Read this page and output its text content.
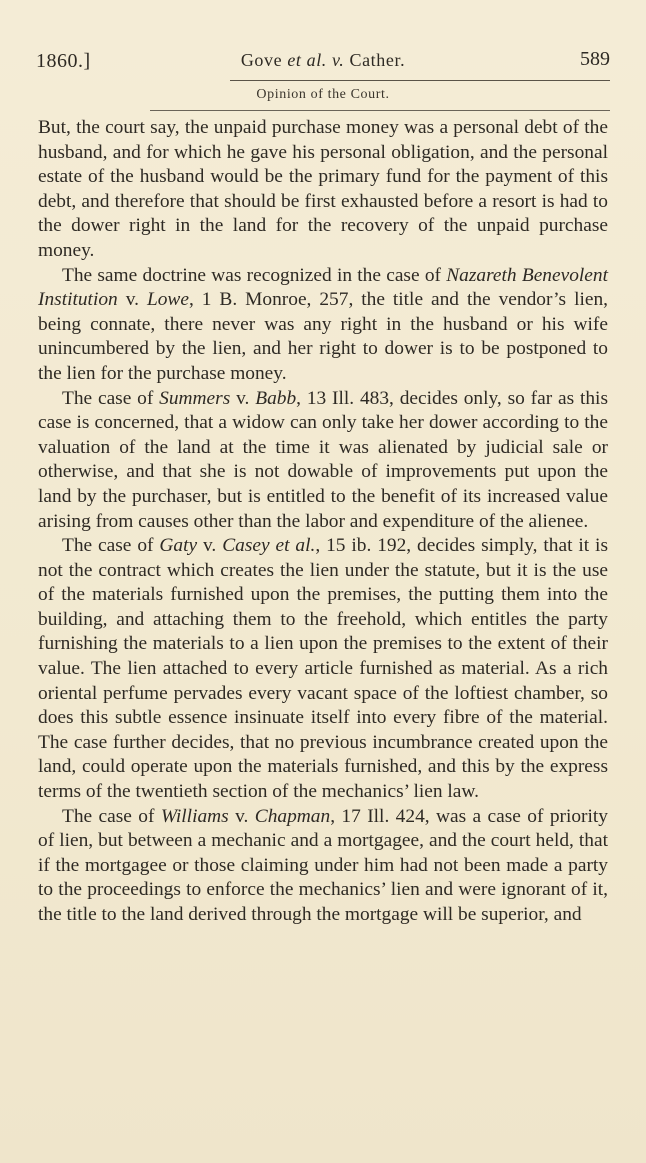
1860.]	Gove et al. v. Cather.	589
Opinion of the Court.

But, the court say, the unpaid purchase money was a personal debt of the husband, and for which he gave his personal obligation, and the personal estate of the husband would be the primary fund for the payment of this debt, and therefore that should be first exhausted before a resort is had to the dower right in the land for the recovery of the unpaid purchase money.

The same doctrine was recognized in the case of Nazareth Benevolent Institution v. Lowe, 1 B. Monroe, 257, the title and the vendor’s lien, being connate, there never was any right in the husband or his wife unincumbered by the lien, and her right to dower is to be postponed to the lien for the purchase money.

The case of Summers v. Babb, 13 Ill. 483, decides only, so far as this case is concerned, that a widow can only take her dower according to the valuation of the land at the time it was alienated by judicial sale or otherwise, and that she is not dowable of improvements put upon the land by the purchaser, but is entitled to the benefit of its increased value arising from causes other than the labor and expenditure of the alienee.

The case of Gaty v. Casey et al., 15 ib. 192, decides simply, that it is not the contract which creates the lien under the statute, but it is the use of the materials furnished upon the premises, the putting them into the building, and attaching them to the freehold, which entitles the party furnishing the materials to a lien upon the premises to the extent of their value. The lien attached to every article furnished as material. As a rich oriental perfume pervades every vacant space of the loftiest chamber, so does this subtle essence insinuate itself into every fibre of the material. The case further decides, that no previous incumbrance created upon the land, could operate upon the materials furnished, and this by the express terms of the twentieth section of the mechanics’ lien law.

The case of Williams v. Chapman, 17 Ill. 424, was a case of priority of lien, but between a mechanic and a mortgagee, and the court held, that if the mortgagee or those claiming under him had not been made a party to the proceedings to enforce the mechanics’ lien and were ignorant of it, the title to the land derived through the mortgage will be superior, and
